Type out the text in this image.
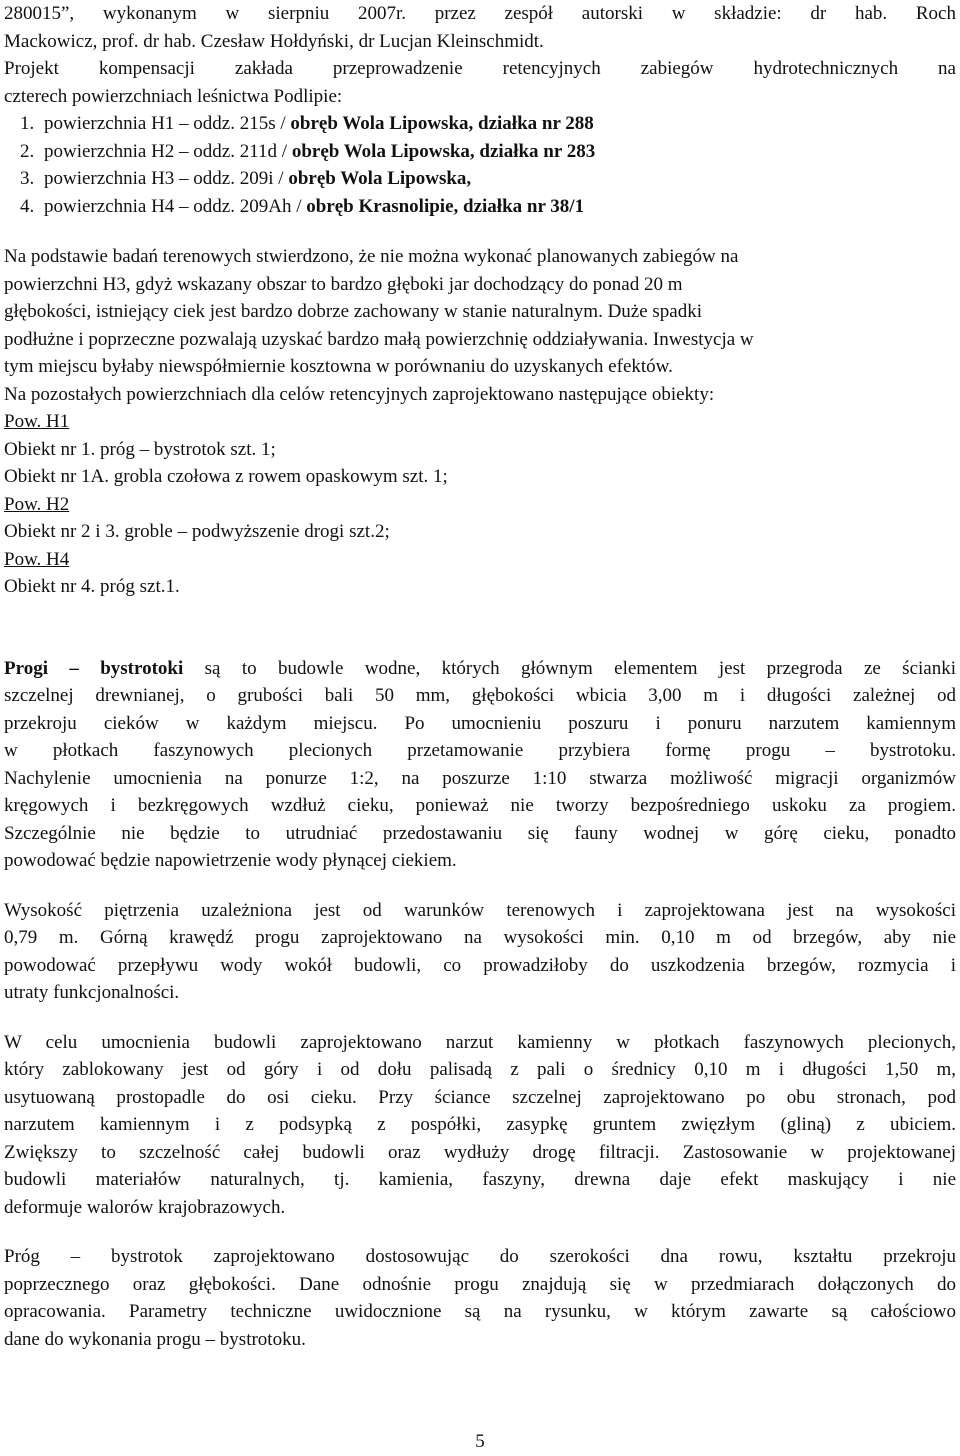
280015”, wykonanym w sierpniu 2007r. przez zespół autorski w składzie: dr hab. Roch
Mackowicz, prof. dr hab. Czesław Hołdyński, dr Lucjan Kleinschmidt.
Projekt kompensacji zakłada przeprowadzenie retencyjnych zabiegów hydrotechnicznych na
czterech powierzchniach leśnictwa Podlipie:
1. powierzchnia H1 – oddz. 215s / obręb Wola Lipowska, działka nr 288
2. powierzchnia H2 – oddz. 211d / obręb Wola Lipowska, działka nr 283
3. powierzchnia H3 – oddz. 209i / obręb Wola Lipowska,
4. powierzchnia H4 – oddz. 209Ah / obręb Krasnolipie, działka nr 38/1
Na podstawie badań terenowych stwierdzono, że nie można wykonać planowanych zabiegów na
powierzchni H3, gdyż wskazany obszar to bardzo głęboki jar dochodzący do ponad 20 m
głębokości, istniejący ciek jest bardzo dobrze zachowany w stanie naturalnym. Duże spadki
podłużne i poprzeczne pozwalają uzyskać bardzo małą powierzchnię oddziaływania. Inwestycja w
tym miejscu byłaby niewspółmiernie kosztowna w porównaniu do uzyskanych efektów.
Na pozostałych powierzchniach dla celów retencyjnych zaprojektowano następujące obiekty:
Pow. H1
Obiekt nr 1. próg – bystrotok szt. 1;
Obiekt nr 1A. grobla czołowa z rowem opaskowym szt. 1;
Pow. H2
Obiekt nr 2 i 3. groble – podwyższenie drogi szt.2;
Pow. H4
Obiekt nr 4. próg szt.1.
Progi – bystrotoki są to budowle wodne, których głównym elementem jest przegroda ze ścianki
szczelnej drewnianej, o grubości bali 50 mm, głębokości wbicia 3,00 m i długości zależnej od
przekroju cieków w każdym miejscu. Po umocnieniu poszuru i ponuru narzutem kamiennym
w płotkach faszynowych plecionych przetamowanie przybiera formę progu – bystrotoku.
Nachylenie umocnienia na ponurze 1:2, na poszurze 1:10 stwarza możliwość migracji organizmów
kręgowych i bezkręgowych wzdłuż cieku, ponieważ nie tworzy bezpośredniego uskoku za progiem.
Szczególnie nie będzie to utrudniać przedostawaniu się fauny wodnej w górę cieku, ponadto
powodować będzie napowietrzenie wody płynącej ciekiem.
Wysokość piętrzenia uzależniona jest od warunków terenowych i zaprojektowana jest na wysokości
0,79 m. Górną krawędź progu zaprojektowano na wysokości min. 0,10 m od brzegów, aby nie
powodować przepływu wody wokół budowli, co prowadziłoby do uszkodzenia brzegów, rozmycia i
utraty funkcjonalności.
W celu umocnienia budowli zaprojektowano narzut kamienny w płotkach faszynowych plecionych,
który zablokowany jest od góry i od dołu palisadą z pali o średnicy 0,10 m i długości 1,50 m,
usytuowaną prostopadle do osi cieku. Przy ściance szczelnej zaprojektowano po obu stronach, pod
narzutem kamiennym i z podsypką z pospółki, zasypkę gruntem zwięzłym (gliną) z ubiciem.
Zwiększy to szczelność całej budowli oraz wydłuży drogę filtracji. Zastosowanie w projektowanej
budowli materiałów naturalnych, tj. kamienia, faszyny, drewna daje efekt maskujący i nie
deformuje walorów krajobrazowych.
Próg – bystrotok zaprojektowano dostosowując do szerokości dna rowu, kształtu przekroju
poprzecznego oraz głębokości. Dane odnośnie progu znajdują się w przedmiarach dołączonych do
opracowania. Parametry techniczne uwidocznione są na rysunku, w którym zawarte są całościowo
dane do wykonania progu – bystrotoku.
5
